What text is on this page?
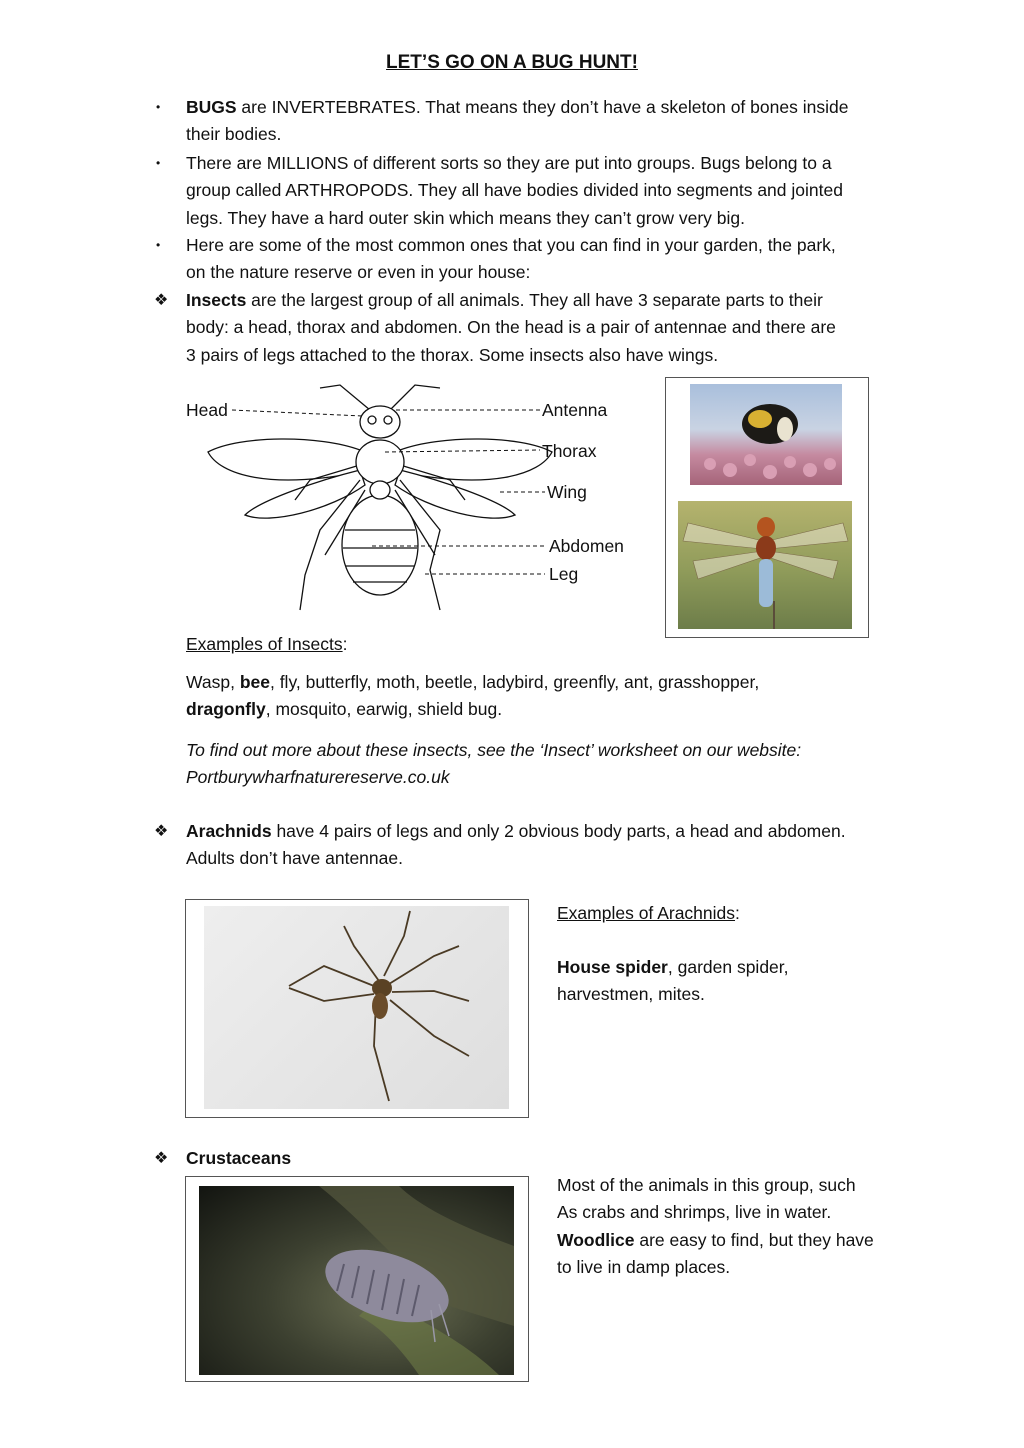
LET’S GO ON A BUG HUNT!
• BUGS are INVERTEBRATES. That means they don’t have a skeleton of bones inside
their bodies.
• There are MILLIONS of different sorts so they are put into groups. Bugs belong to a
group called ARTHROPODS. They all have bodies divided into segments and jointed
legs. They have a hard outer skin which means they can’t grow very big.
• Here are some of the most common ones that you can find in your garden, the park,
on the nature reserve or even in your house:
❖ Insects are the largest group of all animals. They all have 3 separate parts to their
body: a head, thorax and abdomen. On the head is a pair of antennae and there are
3 pairs of legs attached to the thorax. Some insects also have wings.
Head	Antenna
Thorax
Wing
Abdomen
Leg
Examples of Insects:
Wasp, bee, fly, butterfly, moth, beetle, ladybird, greenfly, ant, grasshopper,
dragonfly, mosquito, earwig, shield bug.
To find out more about these insects, see the ‘Insect’ worksheet on our website:
Portburywharfnaturereserve.co.uk
❖ Arachnids have 4 pairs of legs and only 2 obvious body parts, a head and abdomen.
Adults don’t have antennae.
Examples of Arachnids:
House spider, garden spider,
harvestmen, mites.
❖ Crustaceans
Most of the animals in this group, such
As crabs and shrimps, live in water.
Woodlice are easy to find, but they have
to live in damp places.
